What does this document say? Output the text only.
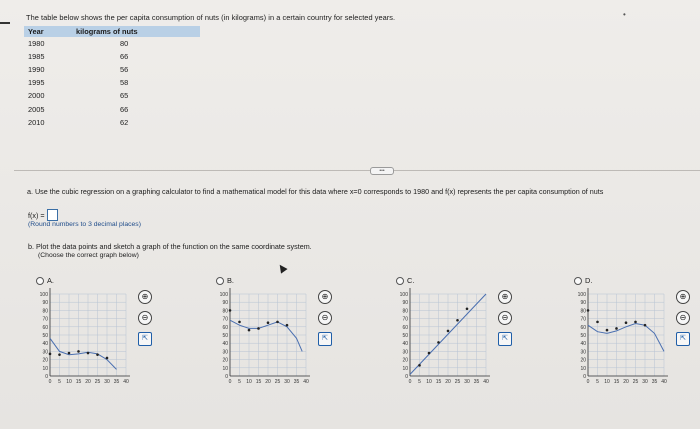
The table below shows the per capita consumption of nuts (in kilograms) in a certain country for selected years.	•
Year	kilograms of nuts
1980	80
1985	66
1990	56
1995	58
2000	65
2005	66
2010	62
•••
a. Use the cubic regression on a graphing calculator to find a mathematical model for this data where x=0 corresponds to 1980 and f(x) represents the per capita consumption of nuts
f(x) =
(Round numbers to 3 decimal places)
b. Plot the data points and sketch a graph of the function on the same coordinate system.
(Choose the correct graph below)
A.
100
90
80
70
60
50
40
30
20
10
0
0 5 10 15 20 25 30 35 40
⊕
⊖
⇱
B.
100
90
80
70
60
50
40
30
20
10
0
0 5 10 15 20 25 30 35 40
⊕
⊖
⇱
C.
100
90
80
70
60
50
40
30
20
10
0
0 5 10 15 20 25 30 35 40
⊕
⊖
⇱
D.
100
90
80
70
60
50
40
30
20
10
0
0 5 10 15 20 25 30 35 40
⊕
⊖
⇱
